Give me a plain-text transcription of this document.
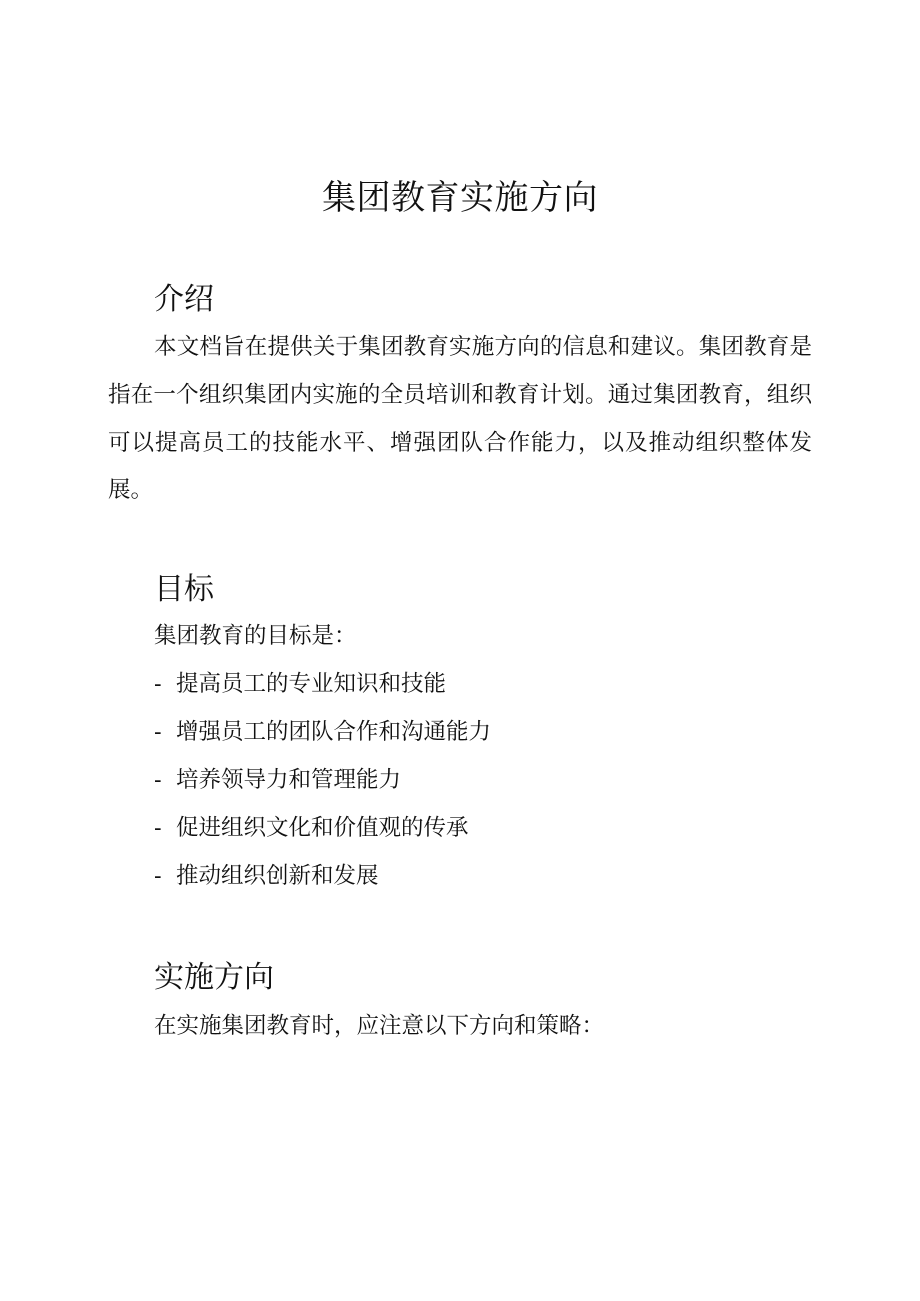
集团教育实施方向
介绍

本文档旨在提供关于集团教育实施方向的信息和建议。集团教育是指在一个组织集团内实施的全员培训和教育计划。通过集团教育，组织可以提高员工的技能水平、增强团队合作能力，以及推动组织整体发展。

目标

集团教育的目标是：

- 提高员工的专业知识和技能
- 增强员工的团队合作和沟通能力
- 培养领导力和管理能力
- 促进组织文化和价值观的传承
- 推动组织创新和发展
实施方向

在实施集团教育时，应注意以下方向和策略：
